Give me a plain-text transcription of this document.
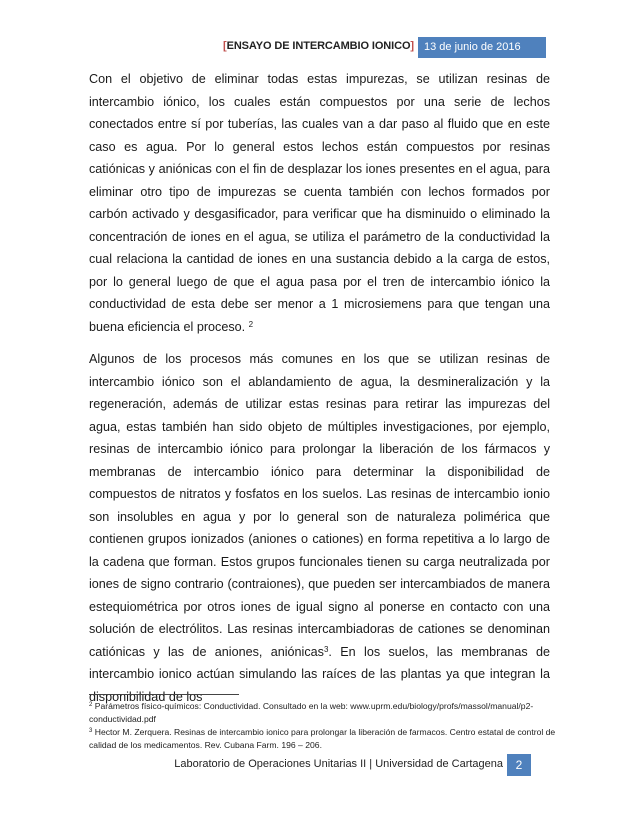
[ENSAYO DE INTERCAMBIO IONICO] 13 de junio de 2016

Con el objetivo de eliminar todas estas impurezas, se utilizan resinas de intercambio iónico, los cuales están compuestos por una serie de lechos conectados entre sí por tuberías, las cuales van a dar paso al fluido que en este caso es agua. Por lo general estos lechos están compuestos por resinas catiónicas y aniónicas con el fin de desplazar los iones presentes en el agua, para eliminar otro tipo de impurezas se cuenta también con lechos formados por carbón activado y desgasificador, para verificar que ha disminuido o eliminado la concentración de iones en el agua, se utiliza el parámetro de la conductividad la cual relaciona la cantidad de iones en una sustancia debido a la carga de estos, por lo general luego de que el agua pasa por el tren de intercambio iónico la conductividad de esta debe ser menor a 1 microsiemens para que tengan una buena eficiencia el proceso. $^2$

Algunos de los procesos más comunes en los que se utilizan resinas de intercambio iónico son el ablandamiento de agua, la desmineralización y la regeneración, además de utilizar estas resinas para retirar las impurezas del agua, estas también han sido objeto de múltiples investigaciones, por ejemplo, resinas de intercambio iónico para prolongar la liberación de los fármacos y membranas de intercambio iónico para determinar la disponibilidad de compuestos de nitratos y fosfatos en los suelos. Las resinas de intercambio ionio son insolubles en agua y por lo general son de naturaleza polimérica que contienen grupos ionizados (aniones o cationes) en forma repetitiva a lo largo de la cadena que forman. Estos grupos funcionales tienen su carga neutralizada por iones de signo contrario (contraiones), que pueden ser intercambiados de manera estequiométrica por otros iones de igual signo al ponerse en contacto con una solución de electrólitos. Las resinas intercambiadoras de cationes se denominan catiónicas y las de aniones, aniónicas$^3$. En los suelos, las membranas de intercambio ionico actúan simulando las raíces de las plantas ya que integran la disponibilidad de los

$^2$ Parámetros físico-químicos: Conductividad. Consultado en la web: www.uprm.edu/biology/profs/massol/manual/p2-conductividad.pdf

$^3$ Hector M. Zerquera. Resinas de intercambio ionico para prolongar la liberación de farmacos. Centro estatal de control de calidad de los medicamentos. Rev. Cubana Farm. 196 – 206.

Laboratorio de Operaciones Unitarias II | Universidad de Cartagena	2
